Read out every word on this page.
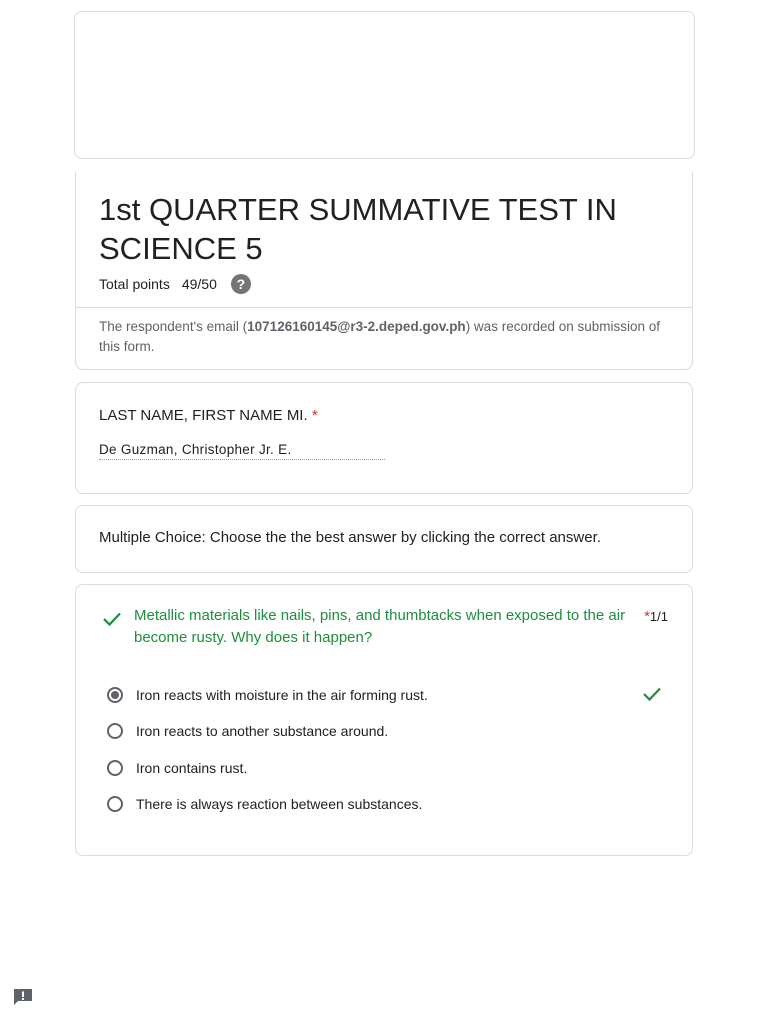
1st QUARTER SUMMATIVE TEST IN SCIENCE 5
Total points 49/50	?
The respondent's email (107126160145@r3-2.deped.gov.ph) was recorded on submission of this form.
LAST NAME, FIRST NAME MI. *
De Guzman, Christopher Jr. E.
Multiple Choice: Choose the the best answer by clicking the correct answer.
Metallic materials like nails, pins, and thumbtacks when exposed to the air become rusty. Why does it happen?
*1/1
Iron reacts with moisture in the air forming rust.
Iron reacts to another substance around.
Iron contains rust.
There is always reaction between substances.
